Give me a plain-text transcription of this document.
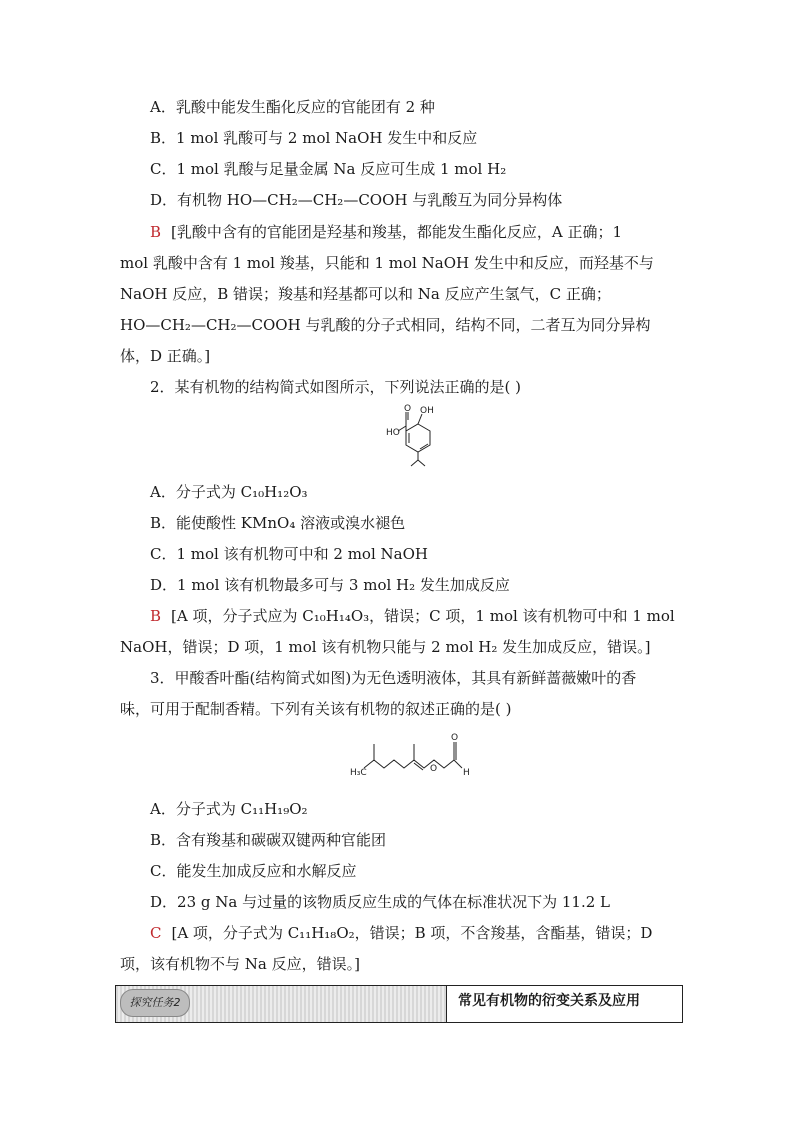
A．乳酸中能发生酯化反应的官能团有 2 种
B．1 mol 乳酸可与 2 mol NaOH 发生中和反应
C．1 mol 乳酸与足量金属 Na 反应可生成 1 mol H₂
D．有机物 HO—CH₂—CH₂—COOH 与乳酸互为同分异构体
B [乳酸中含有的官能团是羟基和羧基，都能发生酯化反应，A 正确；1
mol 乳酸中含有 1 mol 羧基，只能和 1 mol NaOH 发生中和反应，而羟基不与
NaOH 反应，B 错误；羧基和羟基都可以和 Na 反应产生氢气，C 正确；
HO—CH₂—CH₂—COOH 与乳酸的分子式相同，结构不同，二者互为同分异构
体，D 正确。]
2．某有机物的结构简式如图所示，下列说法正确的是( )
O OH
HO
A．分子式为 C₁₀H₁₂O₃
B．能使酸性 KMnO₄ 溶液或溴水褪色
C．1 mol 该有机物可中和 2 mol NaOH
D．1 mol 该有机物最多可与 3 mol H₂ 发生加成反应
B [A 项，分子式应为 C₁₀H₁₄O₃，错误；C 项，1 mol 该有机物可中和 1 mol
NaOH，错误；D 项，1 mol 该有机物只能与 2 mol H₂ 发生加成反应，错误。]
3．甲酸香叶酯(结构简式如图)为无色透明液体，其具有新鲜蔷薇嫩叶的香
味，可用于配制香精。下列有关该有机物的叙述正确的是( )
H₃C	O
O
H
A．分子式为 C₁₁H₁₉O₂
B．含有羧基和碳碳双键两种官能团
C．能发生加成反应和水解反应
D．23 g Na 与过量的该物质反应生成的气体在标准状况下为 11.2 L
C [A 项，分子式为 C₁₁H₁₈O₂，错误；B 项，不含羧基，含酯基，错误；D
项，该有机物不与 Na 反应，错误。]
探究任务2	常见有机物的衍变关系及应用
